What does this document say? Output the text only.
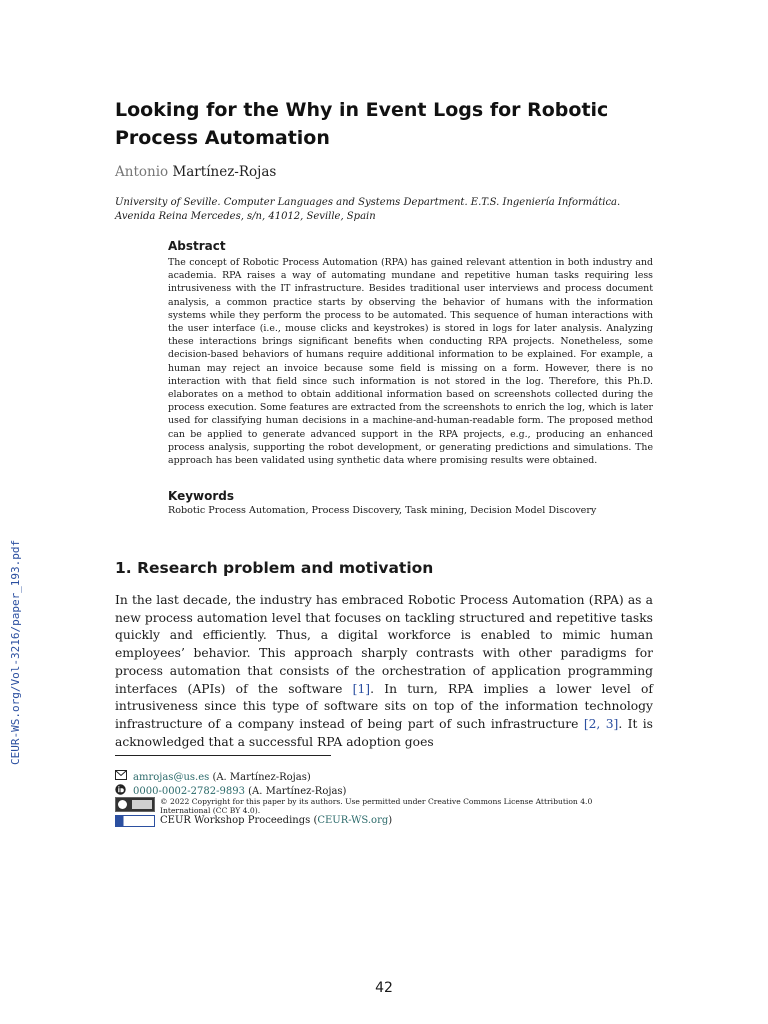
CEUR-WS.org/Vol-3216/paper_193.pdf
Looking for the Why in Event Logs for Robotic Process Automation
Antonio Martínez-Rojas
University of Seville. Computer Languages and Systems Department. E.T.S. Ingeniería Informática. Avenida Reina Mercedes, s/n, 41012, Seville, Spain
Abstract
The concept of Robotic Process Automation (RPA) has gained relevant attention in both industry and academia. RPA raises a way of automating mundane and repetitive human tasks requiring less intrusiveness with the IT infrastructure. Besides traditional user interviews and process document analysis, a common practice starts by observing the behavior of humans with the information systems while they perform the process to be automated. This sequence of human interactions with the user interface (i.e., mouse clicks and keystrokes) is stored in logs for later analysis. Analyzing these interactions brings significant benefits when conducting RPA projects. Nonetheless, some decision-based behaviors of humans require additional information to be explained. For example, a human may reject an invoice because some field is missing on a form. However, there is no interaction with that field since such information is not stored in the log. Therefore, this Ph.D. elaborates on a method to obtain additional information based on screenshots collected during the process execution. Some features are extracted from the screenshots to enrich the log, which is later used for classifying human decisions in a machine-and-human-readable form. The proposed method can be applied to generate advanced support in the RPA projects, e.g., producing an enhanced process analysis, supporting the robot development, or generating predictions and simulations. The approach has been validated using synthetic data where promising results were obtained.
Keywords
Robotic Process Automation, Process Discovery, Task mining, Decision Model Discovery
1. Research problem and motivation
In the last decade, the industry has embraced Robotic Process Automation (RPA) as a new process automation level that focuses on tackling structured and repetitive tasks quickly and efficiently. Thus, a digital workforce is enabled to mimic human employees’ behavior. This approach sharply contrasts with other paradigms for process automation that consists of the orchestration of application programming interfaces (APIs) of the software [1]. In turn, RPA implies a lower level of intrusiveness since this type of software sits on top of the information technology infrastructure of a company instead of being part of such infrastructure [2, 3]. It is acknowledged that a successful RPA adoption goes
amrojas@us.es
(A. Martínez-Rojas)
0000-0002-2782-9893
(A. Martínez-Rojas)
© 2022 Copyright for this paper by its authors. Use permitted under Creative Commons License Attribution 4.0 International (CC BY 4.0).
CEUR Workshop Proceedings
( CEUR-WS.org )
42
